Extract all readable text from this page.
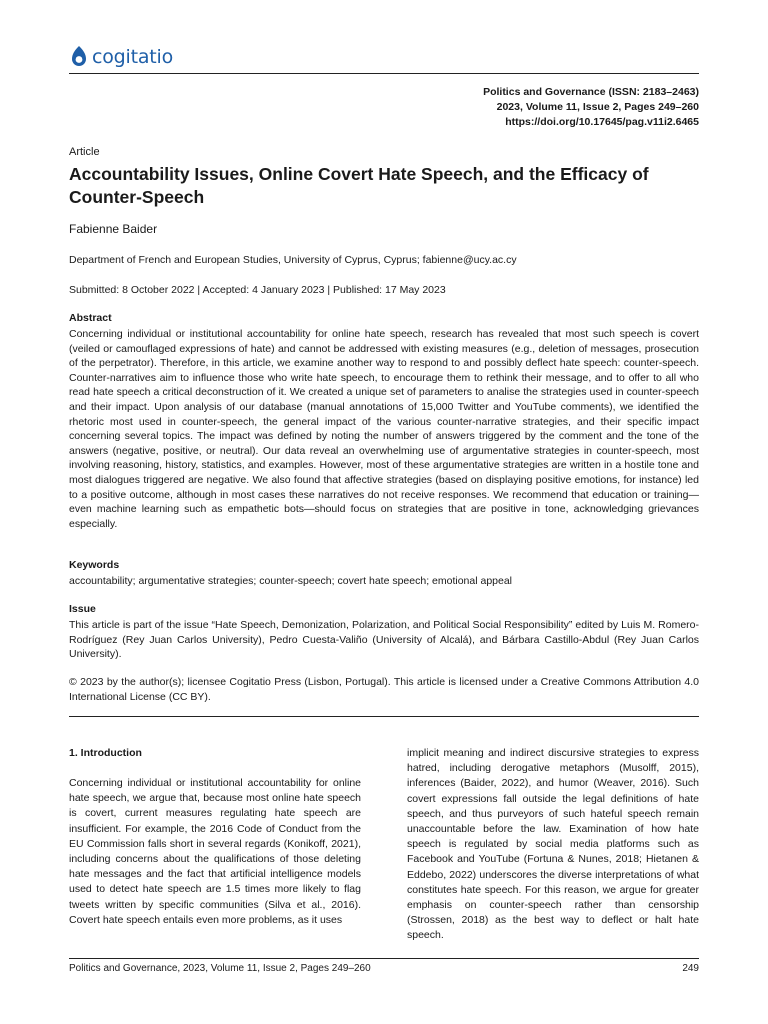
cogitatio
Politics and Governance (ISSN: 2183–2463)
2023, Volume 11, Issue 2, Pages 249–260
https://doi.org/10.17645/pag.v11i2.6465
Article
Accountability Issues, Online Covert Hate Speech, and the Efficacy of Counter-Speech
Fabienne Baider
Department of French and European Studies, University of Cyprus, Cyprus; fabienne@ucy.ac.cy
Submitted: 8 October 2022 | Accepted: 4 January 2023 | Published: 17 May 2023
Abstract
Concerning individual or institutional accountability for online hate speech, research has revealed that most such speech is covert (veiled or camouflaged expressions of hate) and cannot be addressed with existing measures (e.g., deletion of messages, prosecution of the perpetrator). Therefore, in this article, we examine another way to respond to and possibly deflect hate speech: counter-speech. Counter-narratives aim to influence those who write hate speech, to encourage them to rethink their message, and to offer to all who read hate speech a critical deconstruction of it. We created a unique set of parameters to analise the strategies used in counter-speech and their impact. Upon analysis of our database (manual annotations of 15,000 Twitter and YouTube comments), we identified the rhetoric most used in counter-speech, the general impact of the various counter-narrative strategies, and their specific impact concerning several topics. The impact was defined by noting the number of answers triggered by the comment and the tone of the answers (negative, positive, or neutral). Our data reveal an overwhelming use of argumentative strategies in counter-speech, most involving reasoning, history, statistics, and examples. However, most of these argumentative strategies are written in a hostile tone and most dialogues triggered are negative. We also found that affective strategies (based on displaying positive emotions, for instance) led to a positive outcome, although in most cases these narratives do not receive responses. We recommend that education or training—even machine learning such as empathetic bots—should focus on strategies that are positive in tone, acknowledging grievances especially.
Keywords
accountability; argumentative strategies; counter-speech; covert hate speech; emotional appeal
Issue
This article is part of the issue “Hate Speech, Demonization, Polarization, and Political Social Responsibility” edited by Luis M. Romero-Rodríguez (Rey Juan Carlos University), Pedro Cuesta-Valiño (University of Alcalá), and Bárbara Castillo-Abdul (Rey Juan Carlos University).
© 2023 by the author(s); licensee Cogitatio Press (Lisbon, Portugal). This article is licensed under a Creative Commons Attribution 4.0 International License (CC BY).
1. Introduction
Concerning individual or institutional accountability for online hate speech, we argue that, because most online hate speech is covert, current measures regulating hate speech are insufficient. For example, the 2016 Code of Conduct from the EU Commission falls short in several regards (Konikoff, 2021), including concerns about the qualifications of those deleting hate messages and the fact that artificial intelligence models used to detect hate speech are 1.5 times more likely to flag tweets written by specific communities (Silva et al., 2016). Covert hate speech entails even more problems, as it uses
implicit meaning and indirect discursive strategies to express hatred, including derogative metaphors (Musolff, 2015), inferences (Baider, 2022), and humor (Weaver, 2016). Such covert expressions fall outside the legal definitions of hate speech, and thus purveyors of such hateful speech remain unaccountable before the law. Examination of how hate speech is regulated by social media platforms such as Facebook and YouTube (Fortuna & Nunes, 2018; Hietanen & Eddebo, 2022) underscores the diverse interpretations of what constitutes hate speech. For this reason, we argue for greater emphasis on counter-speech rather than censorship (Strossen, 2018) as the best way to deflect or halt hate speech.
Politics and Governance, 2023, Volume 11, Issue 2, Pages 249–260	249
